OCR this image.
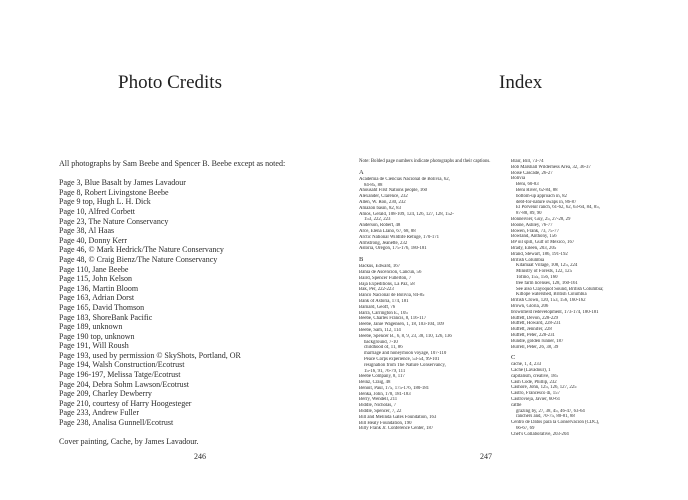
Photo Credits

All photographs by Sam Beebe and Spencer B. Beebe except as noted:

Page 3, Blue Basalt by James Lavadour
Page 8, Robert Livingstone Beebe
Page 9 top, Hugh L. H. Dick
Page 10, Alfred Corbett
Page 23, The Nature Conservancy
Page 38, Al Haas
Page 40, Donny Kerr
Page 46, © Mark Hedrick/The Nature Conservancy
Page 48, © Craig Bienz/The Nature Conservancy
Page 110, Jane Beebe
Page 115, John Kelson
Page 136, Martin Bloom
Page 163, Adrian Dorst
Page 165, David Thomson
Page 183, ShoreBank Pacific
Page 189, unknown
Page 190 top, unknown
Page 191, Will Roush
Page 193, used by permission © SkyShots, Portland, OR
Page 194, Walsh Construction/Ecotrust
Page 196-197, Melissa Tatge/Ecotrust
Page 204, Debra Sohm Lawson/Ecotrust
Page 209, Charley Dewberry
Page 210, courtesy of Harry Hoogesteger
Page 233, Andrew Fuller
Page 238, Analisa Gunnell/Ecotrust
Cover painting, Cache, by James Lavadour.
246
Index
Note: Bolded page numbers indicate photographs and their captions.
A
Academia de Ciencias Nacional de Bolivia, 62,
84-85, 88
Ahousaht First Nations people, 160
Alexander, Clarence, 232
Allen, W. Ron, 230, 232
Amazon basin, 82, 83
Amos, Gerald, 108-109, 124, 126, 127, 128, 152-
153, 222, 223
Anderson, Robert, 48
Arce, Elena Llano, 67, 68, 88
Arctic National Wildlife Refuge, 170-171
Armstrong, Jeanette, 232
Astoria, Oregon, 175-176, 180-181
B
Backus, Edward, 167
Bahía de Ascención, Cancun, 56
Baird, Spencer Fullerton, 7
Baja Expeditions, La Paz, 58
Bak, Per, 222-223
Banco Nacional de Bolivia, 84-85
Bank of Astoria, 174, 181
Barnard, Geoff, 76
Barra, Carrington E., 105
Beebe, Charles Francis, 8, 116-117
Beebe, Janie Wagensen, 1, 18, 103-104, 109
Beebe, Sam, 112, 114
Beebe, Spencer B., 6, 8, 9, 23, 38, 110, 126, 136
background, 7-10
childhood of, 11, 86
marriage and honeymoon voyage, 107-110
Peace Corps experience, 53-54, 99-101
resignation from The Nature Conservancy,
15-16, 91, 76-79, 111
Beebe Company, 8, 117
Beinz, Craig, 48
Benoit, Paul, 175, 175-176, 180-181
Benka, John, 178, 181-183
Berry, Wendell, 211
Biddle, Nicholas, 7
Biddle, Spencer, 7, 22
Bill and Melinda Gates Foundation, 163
Bill Healy Foundation, 190
Billy Frank Jr. Conference Center, 187
Blair, Bill, 73-74
Bob Marshall Wilderness Area, 32, 36-37
Boise Cascade, 26-27
Bolivia
Beni, 60-83
Beni River, 62-84, 88
bottom-up approach in, 82
debt-for-nature swaps in, 86-87
El Porvenir ranch, 61-62, 62, 63-64, 84, 85,
87-88, 89, 90
Bonneivier, Guy, 25, 27-28, 29
Boone, Ashley, 76-77
Bowen, Frank, 73, 75-77
Bowland, Anthony, 156
BP oil spill, Gulf of Mexico, 167
Brady, Eileen, 203, 205
Brand, Stewart, 186, 191-192
British Columbia
Kitamaat Village, 108, 125, 224
Ministry of Forests, 122, 125
Tofino, 155, 156, 160
tree farm licenses, 128, 160-161
See also Clayoquot Sound, British Columbia;
Kitlope watershed, British Columbia
British Crown, 120, 153, 156, 160-162
Brown, Gloria, 206
brownfield redevelopment, 173-174, 180-181
Buffett, Devon, 228-229
Buffett, Howard, 228-231
Buffett, Jennifer, 228
Buffett, Peter, 228-231
Bundle, golden runner, 187
Burrell, Peter, 26, 38, 39
C
cache, 1, 4, 233
Cache (Lavadour), 1
capitalism, creative, 185
Cash Code, Phillip, 232
Cashore, John, 125, 126, 127, 225
Castro, Francesco di, 157
Castrovieja, Javier, 60-61
cattle
grazing by, 27, 38, 45, 46-47, 63-64
ranchers and, 70-75, 80-81, 88
Centro de Datos para la Conservación (CDC),
66-67, 69
Chef's Collaborative, 203-204
247
